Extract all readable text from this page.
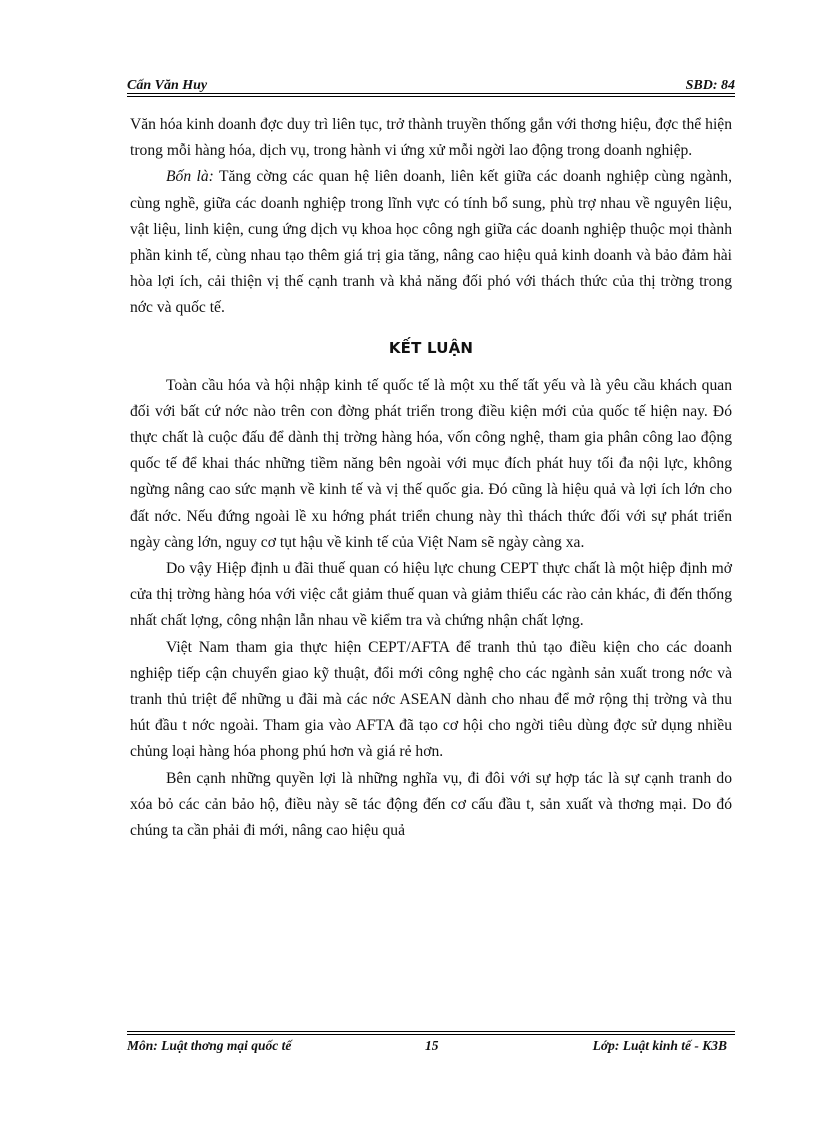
Cấn Văn Huy	SBD: 84

Văn hóa kinh doanh đợc duy trì liên tục, trở thành truyền thống gắn với thơng hiệu, đợc thể hiện trong mỗi hàng hóa, dịch vụ, trong hành vi ứng xử mỗi ngời lao động trong doanh nghiệp.

Bốn là: Tăng cờng các quan hệ liên doanh, liên kết giữa các doanh nghiệp cùng ngành, cùng nghề, giữa các doanh nghiệp trong lĩnh vực có tính bổ sung, phù trợ nhau về nguyên liệu, vật liệu, linh kiện, cung ứng dịch vụ khoa học công ngh giữa các doanh nghiệp thuộc mọi thành phần kinh tế, cùng nhau tạo thêm giá trị gia tăng, nâng cao hiệu quả kinh doanh và bảo đảm hài hòa lợi ích, cải thiện vị thế cạnh tranh và khả năng đối phó với thách thức của thị trờng trong nớc và quốc tế.

KẾT LUẬN

Toàn cầu hóa và hội nhập kinh tế quốc tế là một xu thế tất yếu và là yêu cầu khách quan đối với bất cứ nớc nào trên con đờng phát triển trong điều kiện mới của quốc tế hiện nay. Đó thực chất là cuộc đấu để dành thị trờng hàng hóa, vốn công nghệ, tham gia phân công lao động quốc tế để khai thác những tiềm năng bên ngoài với mục đích phát huy tối đa nội lực, không ngừng nâng cao sức mạnh về kinh tế và vị thế quốc gia. Đó cũng là hiệu quả và lợi ích lớn cho đất nớc. Nếu đứng ngoài lề xu hớng phát triển chung này thì thách thức đối với sự phát triển ngày càng lớn, nguy cơ tụt hậu về kinh tế của Việt Nam sẽ ngày càng xa.

Do vậy Hiệp định u đãi thuế quan có hiệu lực chung CEPT thực chất là một hiệp định mở cửa thị trờng hàng hóa với việc cắt giảm thuế quan và giảm thiểu các rào cản khác, đi đến thống nhất chất lợng, công nhận lẫn nhau về kiểm tra và chứng nhận chất lợng.

Việt Nam tham gia thực hiện CEPT/AFTA để tranh thủ tạo điều kiện cho các doanh nghiệp tiếp cận chuyển giao kỹ thuật, đổi mới công nghệ cho các ngành sản xuất trong nớc và tranh thủ triệt để những u đãi mà các nớc ASEAN dành cho nhau để mở rộng thị trờng và thu hút đầu t nớc ngoài. Tham gia vào AFTA đã tạo cơ hội cho ngời tiêu dùng đợc sử dụng nhiều chủng loại hàng hóa phong phú hơn và giá rẻ hơn.

Bên cạnh những quyền lợi là những nghĩa vụ, đi đôi với sự hợp tác là sự cạnh tranh do xóa bỏ các cản bảo hộ, điều này sẽ tác động đến cơ cấu đầu t, sản xuất và thơng mại. Do đó chúng ta cần phải đi mới, nâng cao hiệu quả

Môn: Luật thơng mại quốc tế	15	Lớp: Luật kinh tế - K3B
